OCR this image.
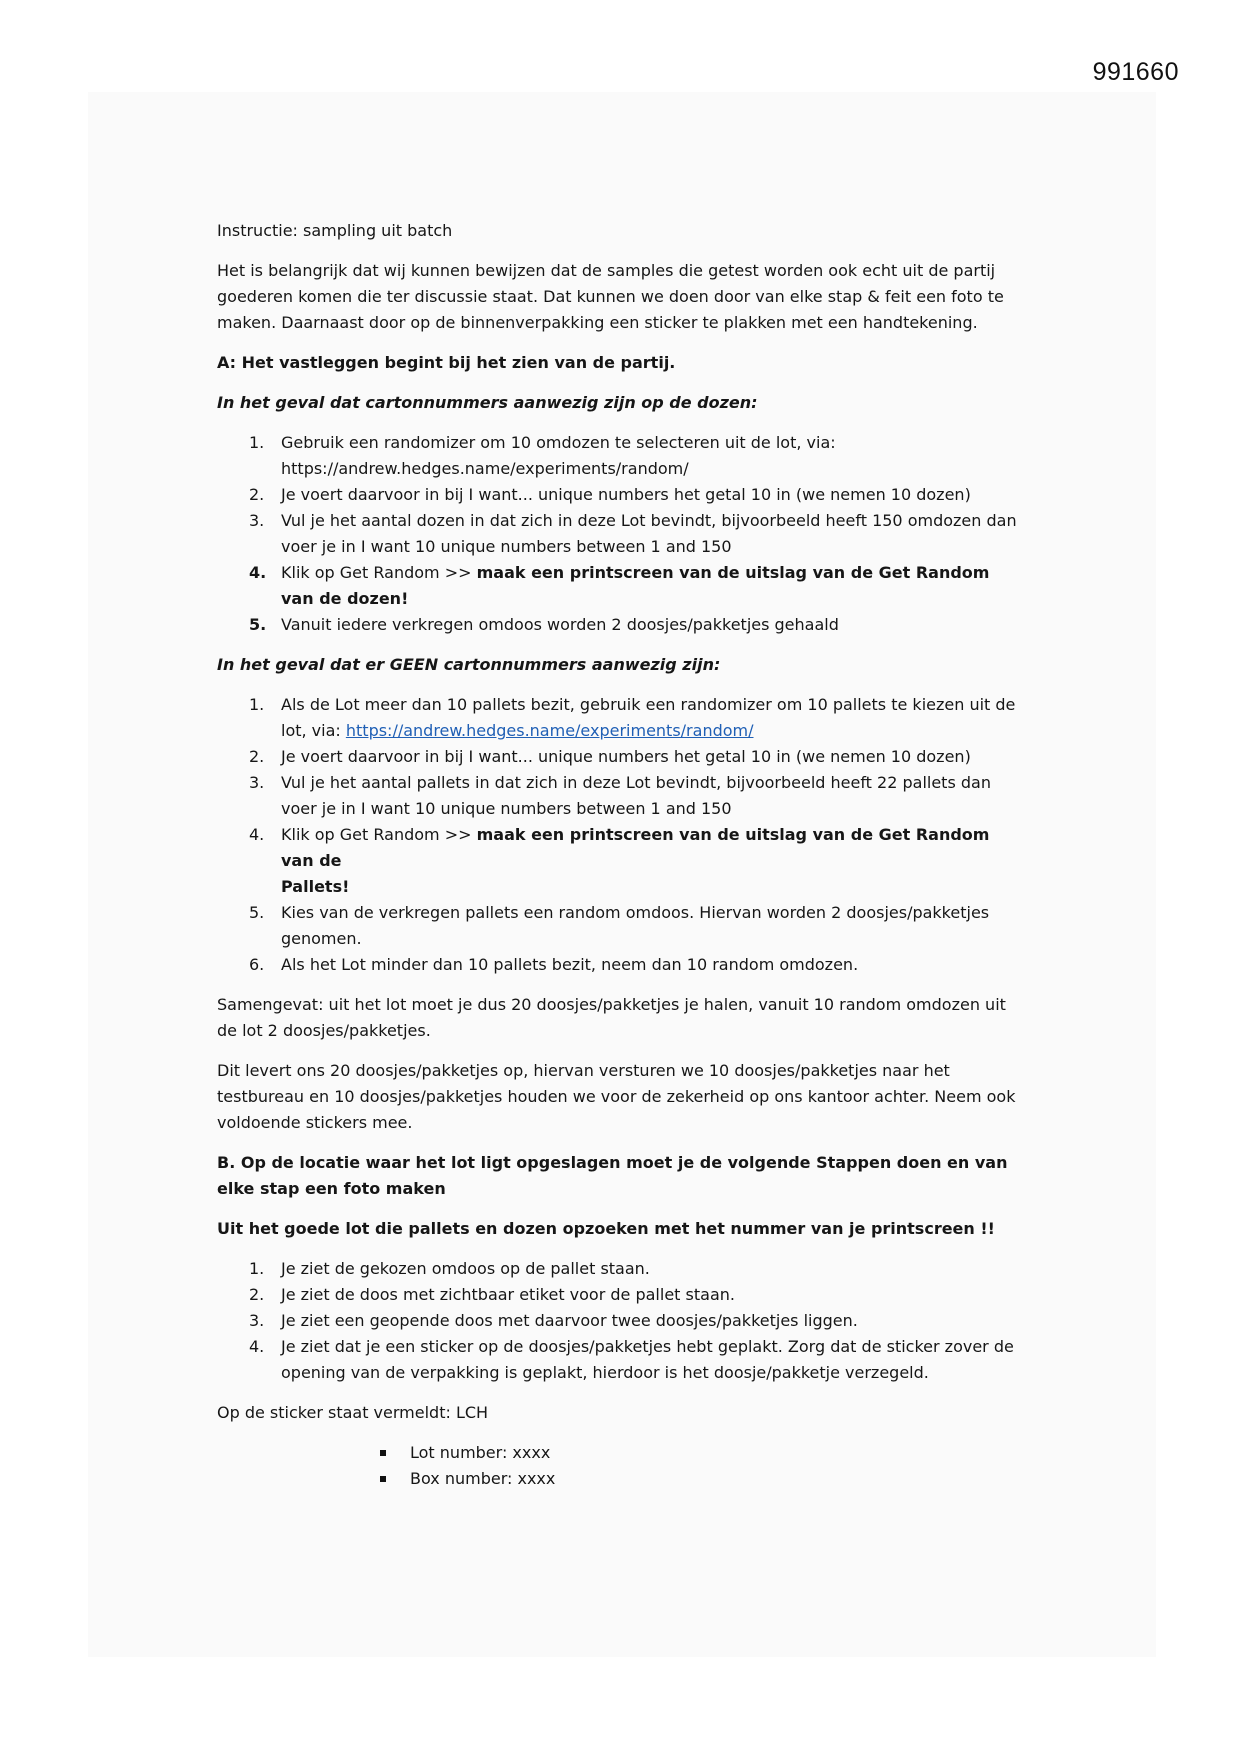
991660

Instructie: sampling uit batch

Het is belangrijk dat wij kunnen bewijzen dat de samples die getest worden ook echt uit de partij goederen komen die ter discussie staat. Dat kunnen we doen door van elke stap & feit een foto te maken. Daarnaast door op de binnenverpakking een sticker te plakken met een handtekening.

A: Het vastleggen begint bij het zien van de partij.

In het geval dat cartonnummers aanwezig zijn op de dozen:

1. Gebruik een randomizer om 10 omdozen te selecteren uit de lot, via: https://andrew.hedges.name/experiments/random/
2. Je voert daarvoor in bij I want... unique numbers het getal 10 in (we nemen 10 dozen)
3. Vul je het aantal dozen in dat zich in deze Lot bevindt, bijvoorbeeld heeft 150 omdozen dan voer je in I want 10 unique numbers between 1 and 150
4. Klik op Get Random >> maak een printscreen van de uitslag van de Get Random van de dozen!
5. Vanuit iedere verkregen omdoos worden 2 doosjes/pakketjes gehaald

In het geval dat er GEEN cartonnummers aanwezig zijn:

1. Als de Lot meer dan 10 pallets bezit, gebruik een randomizer om 10 pallets te kiezen uit de lot, via: https://andrew.hedges.name/experiments/random/
2. Je voert daarvoor in bij I want... unique numbers het getal 10 in (we nemen 10 dozen)
3. Vul je het aantal pallets in dat zich in deze Lot bevindt, bijvoorbeeld heeft 22 pallets dan voer je in I want 10 unique numbers between 1 and 150
4. Klik op Get Random >> maak een printscreen van de uitslag van de Get Random van de
Pallets!
5. Kies van de verkregen pallets een random omdoos. Hiervan worden 2 doosjes/pakketjes genomen.
6. Als het Lot minder dan 10 pallets bezit, neem dan 10 random omdozen.

Samengevat: uit het lot moet je dus 20 doosjes/pakketjes je halen, vanuit 10 random omdozen uit de lot 2 doosjes/pakketjes.

Dit levert ons 20 doosjes/pakketjes op, hiervan versturen we 10 doosjes/pakketjes naar het testbureau en 10 doosjes/pakketjes houden we voor de zekerheid op ons kantoor achter. Neem ook voldoende stickers mee.

B. Op de locatie waar het lot ligt opgeslagen moet je de volgende Stappen doen en van elke stap een foto maken

Uit het goede lot die pallets en dozen opzoeken met het nummer van je printscreen !!

1. Je ziet de gekozen omdoos op de pallet staan.
2. Je ziet de doos met zichtbaar etiket voor de pallet staan.
3. Je ziet een geopende doos met daarvoor twee doosjes/pakketjes liggen.
4. Je ziet dat je een sticker op de doosjes/pakketjes hebt geplakt. Zorg dat de sticker zover de opening van de verpakking is geplakt, hierdoor is het doosje/pakketje verzegeld.

Op de sticker staat vermeldt: LCH

Lot number: xxxx
Box number: xxxx
